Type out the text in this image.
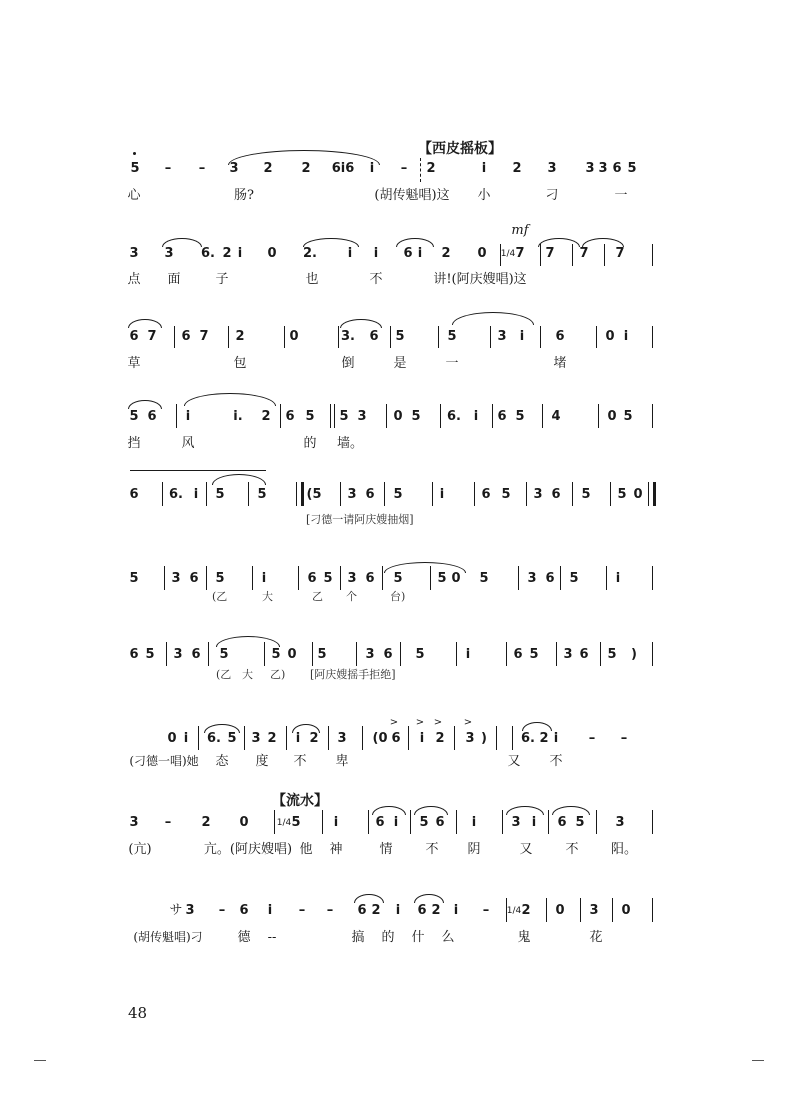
【西皮摇板】
【流水】
5 – – 3 2 2 6i6 i – 2	i 2 3 3 3 6 5
心	肠?	(胡传魁唱)这 小	刁	一
mf
3 3 6. 2 i 0 2. i i 6 i 2 0 1/4 7 7 7 7
点 面	子	也	不	讲!(阿庆嫂唱)这
6 7 6 7 2	0	3. 6 5	5	3 i 6	0 i
草	包	倒	是	一	堵
5 6 i	i. 2 6 5 5 3 0 5 6. i 6 5 4	0 5
挡	风	的 墙。
6 6. i 5	5	(5 3 6 5	i	6 5 3 6 5 5 0
[刁德一请阿庆嫂抽烟]
5	3 6 5	i	6 5 3 6 5	5 0 5	3 6 5	i
(乙	大	乙 个	台)
6 5 3 6 5	5 0 5	3 6 5	i	6 5 3 6 5 )
(乙 大 乙) [阿庆嫂摇手拒绝]
0 i 6. 5 3 2 i 2 3
> > > >
(0 6 i 2 3 )	6. 2 i – –
(刁德一唱)她 态 度 不 卑	又 不
3 – 2 0	1/4 5	i	6 i 5 6 i	3 i 6 5 3
(亢)	亢。(阿庆嫂唱) 他 神	情	不 阴	又	不 阳。
サ 3 – 6 i – – 6 2 i 6 2 i – 1/4 2 0 3 0
(胡传魁唱)刁	德 --	搞 的 什 么	鬼	花
48
